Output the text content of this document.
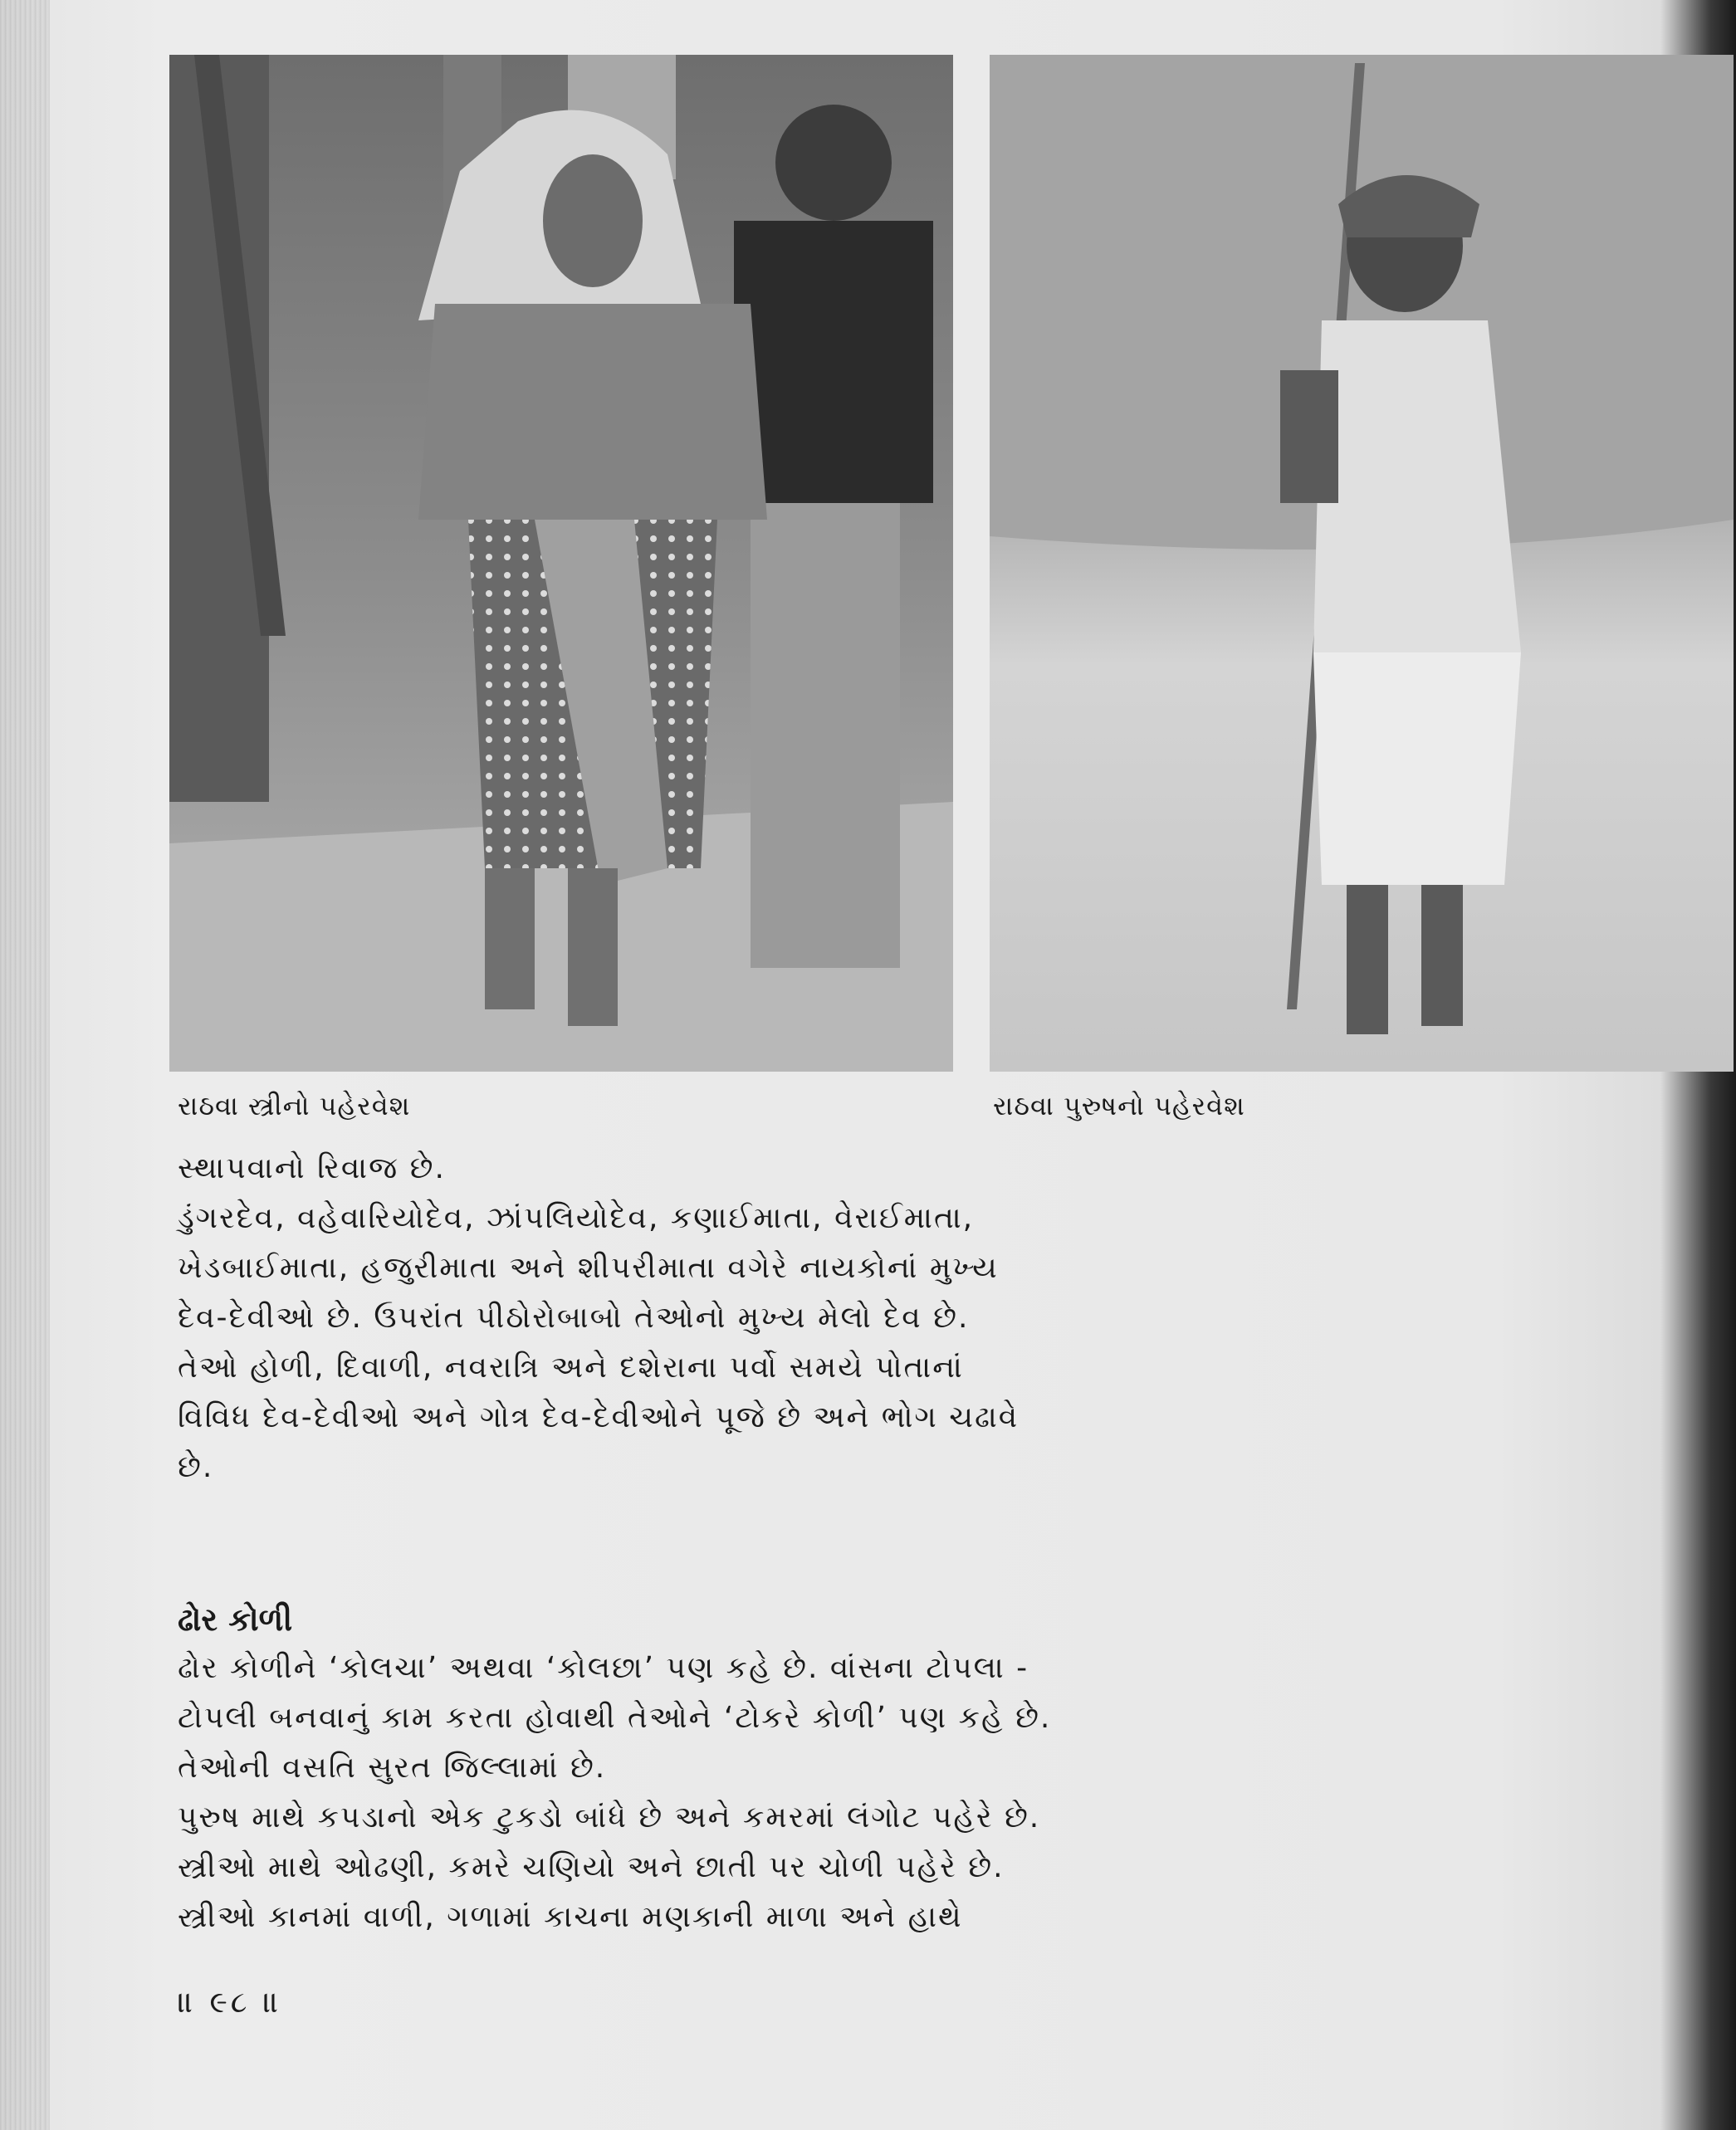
રાઠવા સ્ત્રીનો પહેરવેશ	રાઠવા પુરુષનો પહેરવેશ
સ્થાપવાનો રિવાજ છે.
ડુંગરદેવ, વહેવારિયોદેવ, ઝાંપલિયોદેવ, કણાઈમાતા, વેરાઈમાતા,
ખેડબાઈમાતા, હજુરીમાતા અને શીપરીમાતા વગેરે નાયકોનાં મુખ્ય
દેવ-દેવીઓ છે. ઉપરાંત પીઠોરોબાબો તેઓનો મુખ્ય મેલો દેવ છે.
તેઓ હોળી, દિવાળી, નવરાત્રિ અને દશેરાના પર્વો સમયે પોતાનાં
વિવિધ દેવ-દેવીઓ અને ગોત્ર દેવ-દેવીઓને પૂજે છે અને ભોગ ચઢાવે
છે.
ઢોર કોળી
ઢોર કોળીને ‘કોલચા’ અથવા ‘કોલછા’ પણ કહે છે. વાંસના ટોપલા -
ટોપલી બનવાનું કામ કરતા હોવાથી તેઓને ‘ટોકરે કોળી’ પણ કહે છે.
તેઓની વસતિ સુરત જિલ્લામાં છે.
પુરુષ માથે કપડાનો એક ટુકડો બાંધે છે અને કમરમાં લંગોટ પહેરે છે.
સ્ત્રીઓ માથે ઓઢણી, કમરે ચણિયો અને છાતી પર ચોળી પહેરે છે.
સ્ત્રીઓ કાનમાં વાળી, ગળામાં કાચના મણકાની માળા અને હાથે
॥ ૯૮ ॥
